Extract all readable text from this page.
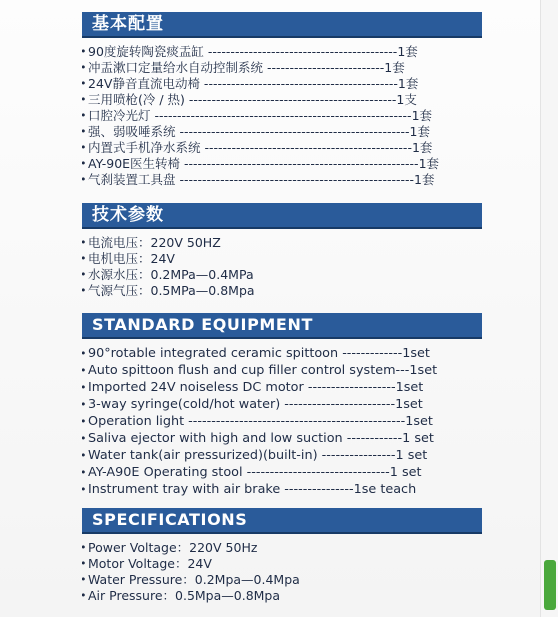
基本配置
• 90度旋转陶瓷痰盂缸 ------------------------------------------1套
• 冲盂漱口定量给水自动控制系统 --------------------------1套
• 24V静音直流电动椅 -------------------------------------------1套
• 三用喷枪(冷 / 热) ----------------------------------------------1支
• 口腔冷光灯 ---------------------------------------------------------1套
• 强、弱吸唾系统 ---------------------------------------------------1套
• 内置式手机净水系统 ----------------------------------------------1套
• AY-90E医生转椅 ----------------------------------------------------1套
• 气刹装置工具盘 ----------------------------------------------------1套
技术参数
• 电流电压：220V 50HZ
• 电机电压：24V
• 水源水压：0.2MPa—0.4MPa
• 气源气压：0.5MPa—0.8Mpa
STANDARD EQUIPMENT
• 90°rotable integrated ceramic spittoon -------------1set
• Auto spittoon flush and cup filler control system---1set
• Imported 24V noiseless DC motor -------------------1set
• 3-way syringe(cold/hot water) ------------------------1set
• Operation light -----------------------------------------------1set
• Saliva ejector with high and low suction ------------1 set
• Water tank(air pressurized)(built-in) ----------------1 set
• AY-A90E Operating stool -------------------------------1 set
• Instrument tray with air brake ---------------1se teach
SPECIFICATIONS
• Power Voltage：220V 50Hz
• Motor Voltage：24V
• Water Pressure：0.2Mpa—0.4Mpa
• Air Pressure：0.5Mpa—0.8Mpa
